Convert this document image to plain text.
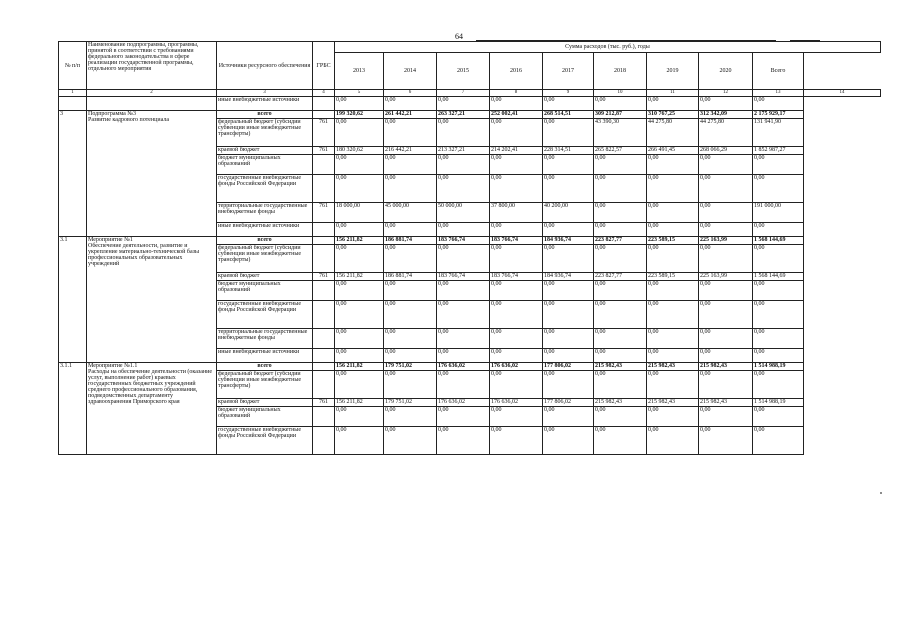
64
№ п/п	Наименование подпрограммы, программы, принятой в соответствии с требованиями федерального законодательства в сфере реализации государственной программы, отдельного мероприятия	Источники ресурсного обеспечения	ГРБС	Сумма расходов (тыс. руб.), годы									
				2013	2014	2015	2016	2017	2018	2019	2020	Всего	
1	2	3	4	5	6	7	8	9	10	11	12	13	14

	иные внебюджетные источники		0,00	0,00	0,00	0,00	0,00	0,00	0,00	0,00	0,00	
3	Подпрограмма №3
Развитие кадрового потенциала	всего		199 320,62	261 442,21	263 327,21	252 002,41	268 514,51	309 212,87	310 767,25	312 342,09	2 175 929,17	
		федеральный бюджет (субсидии субвенции иные межбюджетные трансферты)	761	0,00	0,00	0,00	0,00	0,00	43 390,30	44 275,80	44 275,80	131 941,90	
		краевой бюджет	761	180 320,62	216 442,21	213 327,21	214 202,41	228 314,51	265 822,57	266 491,45	268 066,29	1 852 987,27	
		бюджет муниципальных образований		0,00	0,00	0,00	0,00	0,00	0,00	0,00	0,00	0,00	
		государственные внебюджетные фонды Российской Федерации		0,00	0,00	0,00	0,00	0,00	0,00	0,00	0,00	0,00	
		территориальные государственные внебюджетные фонды	761	18 000,00	45 000,00	50 000,00	37 800,00	40 200,00	0,00	0,00	0,00	191 000,00	
		иные внебюджетные источники		0,00	0,00	0,00	0,00	0,00	0,00	0,00	0,00	0,00	
3.1	Мероприятие №1
Обеспечение деятельности, развитие и укрепление материально-технической базы профессиональных образовательных учреждений	всего		156 211,82	186 881,74	183 766,74	183 766,74	184 936,74	223 827,77	223 589,15	225 163,99	1 568 144,69	
		федеральный бюджет (субсидии субвенции иные межбюджетные трансферты)		0,00	0,00	0,00	0,00	0,00	0,00	0,00	0,00	0,00	
		краевой бюджет	761	156 211,82	186 881,74	183 766,74	183 766,74	184 936,74	223 827,77	223 589,15	225 163,99	1 568 144,69	
		бюджет муниципальных образований		0,00	0,00	0,00	0,00	0,00	0,00	0,00	0,00	0,00	
		государственные внебюджетные фонды Российской Федерации		0,00	0,00	0,00	0,00	0,00	0,00	0,00	0,00	0,00	
		территориальные государственные внебюджетные фонды		0,00	0,00	0,00	0,00	0,00	0,00	0,00	0,00	0,00	
		иные внебюджетные источники		0,00	0,00	0,00	0,00	0,00	0,00	0,00	0,00	0,00	
3.1.1	Мероприятие №1.1
Расходы на обеспечение деятельности (оказание услуг, выполнение работ) краевых государственных бюджетных учреждений среднего профессионального образования, подведомственных департаменту здравоохранения Приморского края	всего		156 211,82	179 751,02	176 636,02	176 636,02	177 806,02	215 982,43	215 982,43	215 982,43	1 514 988,19	
		федеральный бюджет (субсидии субвенции иные межбюджетные трансферты)		0,00	0,00	0,00	0,00	0,00	0,00	0,00	0,00	0,00	
		краевой бюджет	761	156 211,82	179 751,02	176 636,02	176 636,02	177 806,02	215 982,43	215 982,43	215 982,43	1 514 988,19	
		бюджет муниципальных образований		0,00	0,00	0,00	0,00	0,00	0,00	0,00	0,00	0,00	
		государственные внебюджетные фонды Российской Федерации		0,00	0,00	0,00	0,00	0,00	0,00	0,00	0,00	0,00	
